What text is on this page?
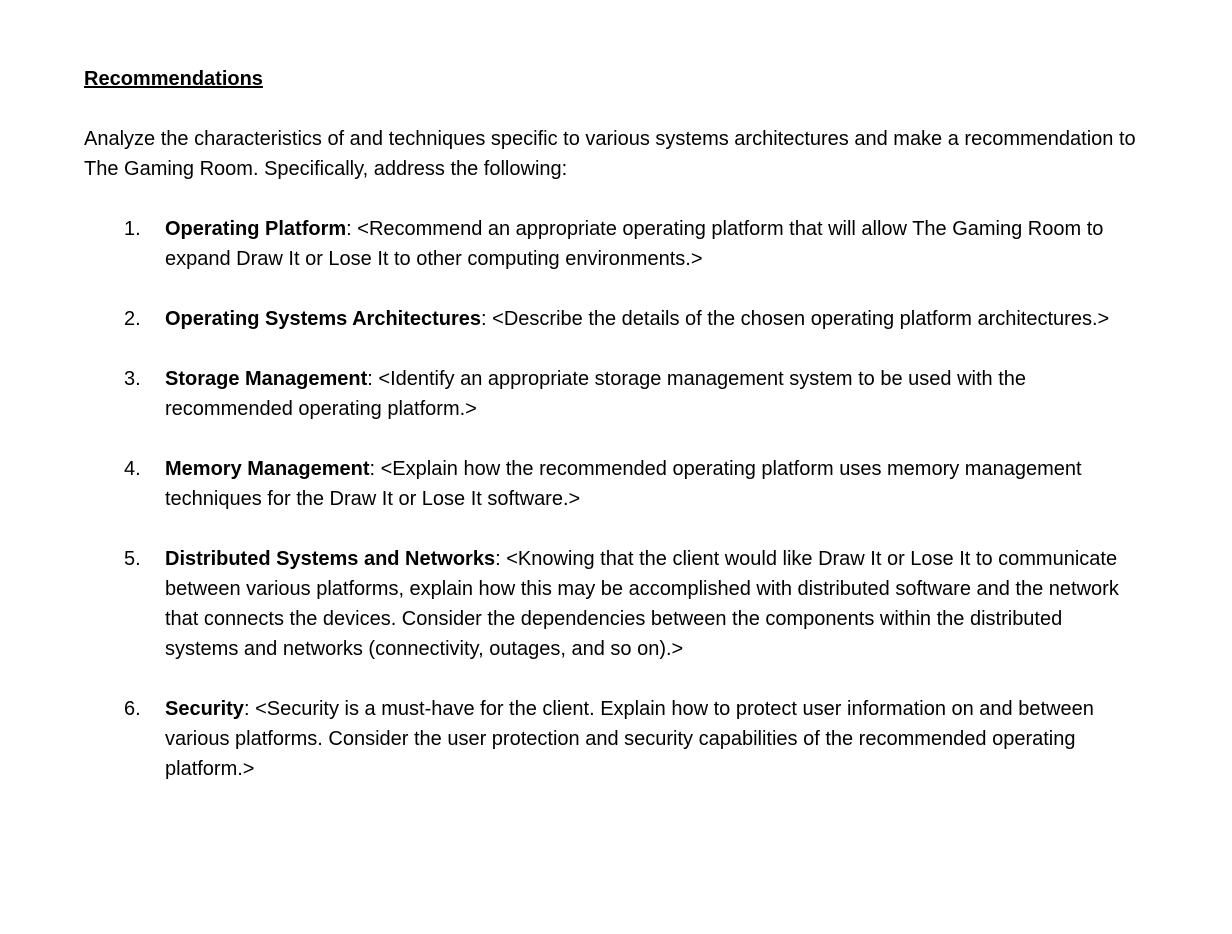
Recommendations

Analyze the characteristics of and techniques specific to various systems architectures and make a recommendation to The Gaming Room. Specifically, address the following:

1. Operating Platform: <Recommend an appropriate operating platform that will allow The Gaming Room to expand Draw It or Lose It to other computing environments.>
2. Operating Systems Architectures: <Describe the details of the chosen operating platform architectures.>
3. Storage Management: <Identify an appropriate storage management system to be used with the recommended operating platform.>
4. Memory Management: <Explain how the recommended operating platform uses memory management techniques for the Draw It or Lose It software.>
5. Distributed Systems and Networks: <Knowing that the client would like Draw It or Lose It to communicate between various platforms, explain how this may be accomplished with distributed software and the network that connects the devices. Consider the dependencies between the components within the distributed systems and networks (connectivity, outages, and so on).>
6. Security: <Security is a must-have for the client. Explain how to protect user information on and between various platforms. Consider the user protection and security capabilities of the recommended operating platform.>
